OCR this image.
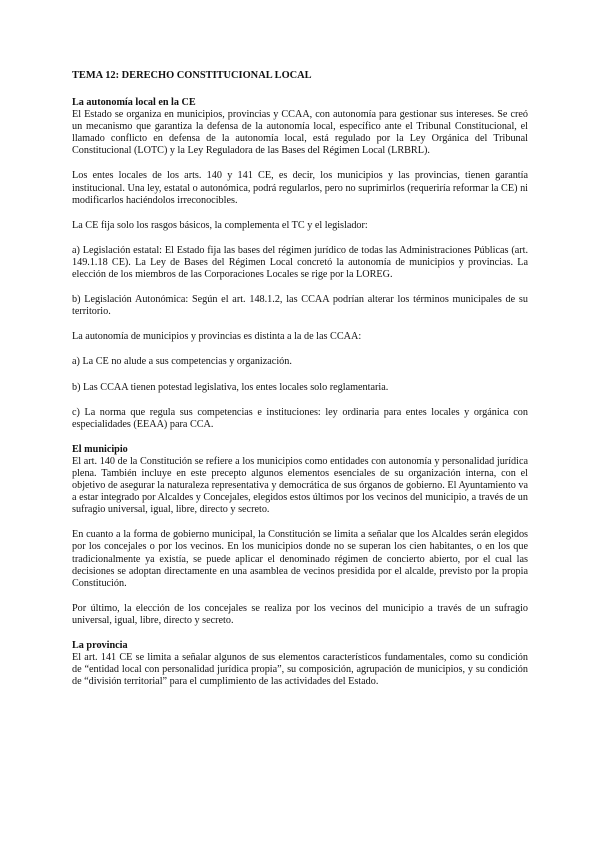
TEMA 12: DERECHO CONSTITUCIONAL LOCAL
La autonomía local en la CE

El Estado se organiza en municipios, provincias y CCAA, con autonomía para gestionar sus intereses. Se creó un mecanismo que garantiza la defensa de la autonomía local, específico ante el Tribunal Constitucional, el llamado conflicto en defensa de la autonomía local, está regulado por la Ley Orgánica del Tribunal Constitucional (LOTC) y la Ley Reguladora de las Bases del Régimen Local (LRBRL).

Los entes locales de los arts. 140 y 141 CE, es decir, los municipios y las provincias, tienen garantía institucional. Una ley, estatal o autonómica, podrá regularlos, pero no suprimirlos (requeriría reformar la CE) ni modificarlos haciéndolos irreconocibles.

La CE fija solo los rasgos básicos, la complementa el TC y el legislador:

a) Legislación estatal: El Estado fija las bases del régimen jurídico de todas las Administraciones Públicas (art. 149.1.18 CE). La Ley de Bases del Régimen Local concretó la autonomía de municipios y provincias. La elección de los miembros de las Corporaciones Locales se rige por la LOREG.

b) Legislación Autonómica: Según el art. 148.1.2, las CCAA podrían alterar los términos municipales de su territorio.

La autonomía de municipios y provincias es distinta a la de las CCAA:

a) La CE no alude a sus competencias y organización.

b) Las CCAA tienen potestad legislativa, los entes locales solo reglamentaria.

c) La norma que regula sus competencias e instituciones: ley ordinaria para entes locales y orgánica con especialidades (EEAA) para CCA.

El municipio

El art. 140 de la Constitución se refiere a los municipios como entidades con autonomía y personalidad jurídica plena. También incluye en este precepto algunos elementos esenciales de su organización interna, con el objetivo de asegurar la naturaleza representativa y democrática de sus órganos de gobierno. El Ayuntamiento va a estar integrado por Alcaldes y Concejales, elegidos estos últimos por los vecinos del municipio, a través de un sufragio universal, igual, libre, directo y secreto.

En cuanto a la forma de gobierno municipal, la Constitución se limita a señalar que los Alcaldes serán elegidos por los concejales o por los vecinos. En los municipios donde no se superan los cien habitantes, o en los que tradicionalmente ya existía, se puede aplicar el denominado régimen de concierto abierto, por el cual las decisiones se adoptan directamente en una asamblea de vecinos presidida por el alcalde, previsto por la propia Constitución.

Por último, la elección de los concejales se realiza por los vecinos del municipio a través de un sufragio universal, igual, libre, directo y secreto.

La provincia

El art. 141 CE se limita a señalar algunos de sus elementos característicos fundamentales, como su condición de “entidad local con personalidad jurídica propia”, su composición, agrupación de municipios, y su condición de “división territorial” para el cumplimiento de las actividades del Estado.
